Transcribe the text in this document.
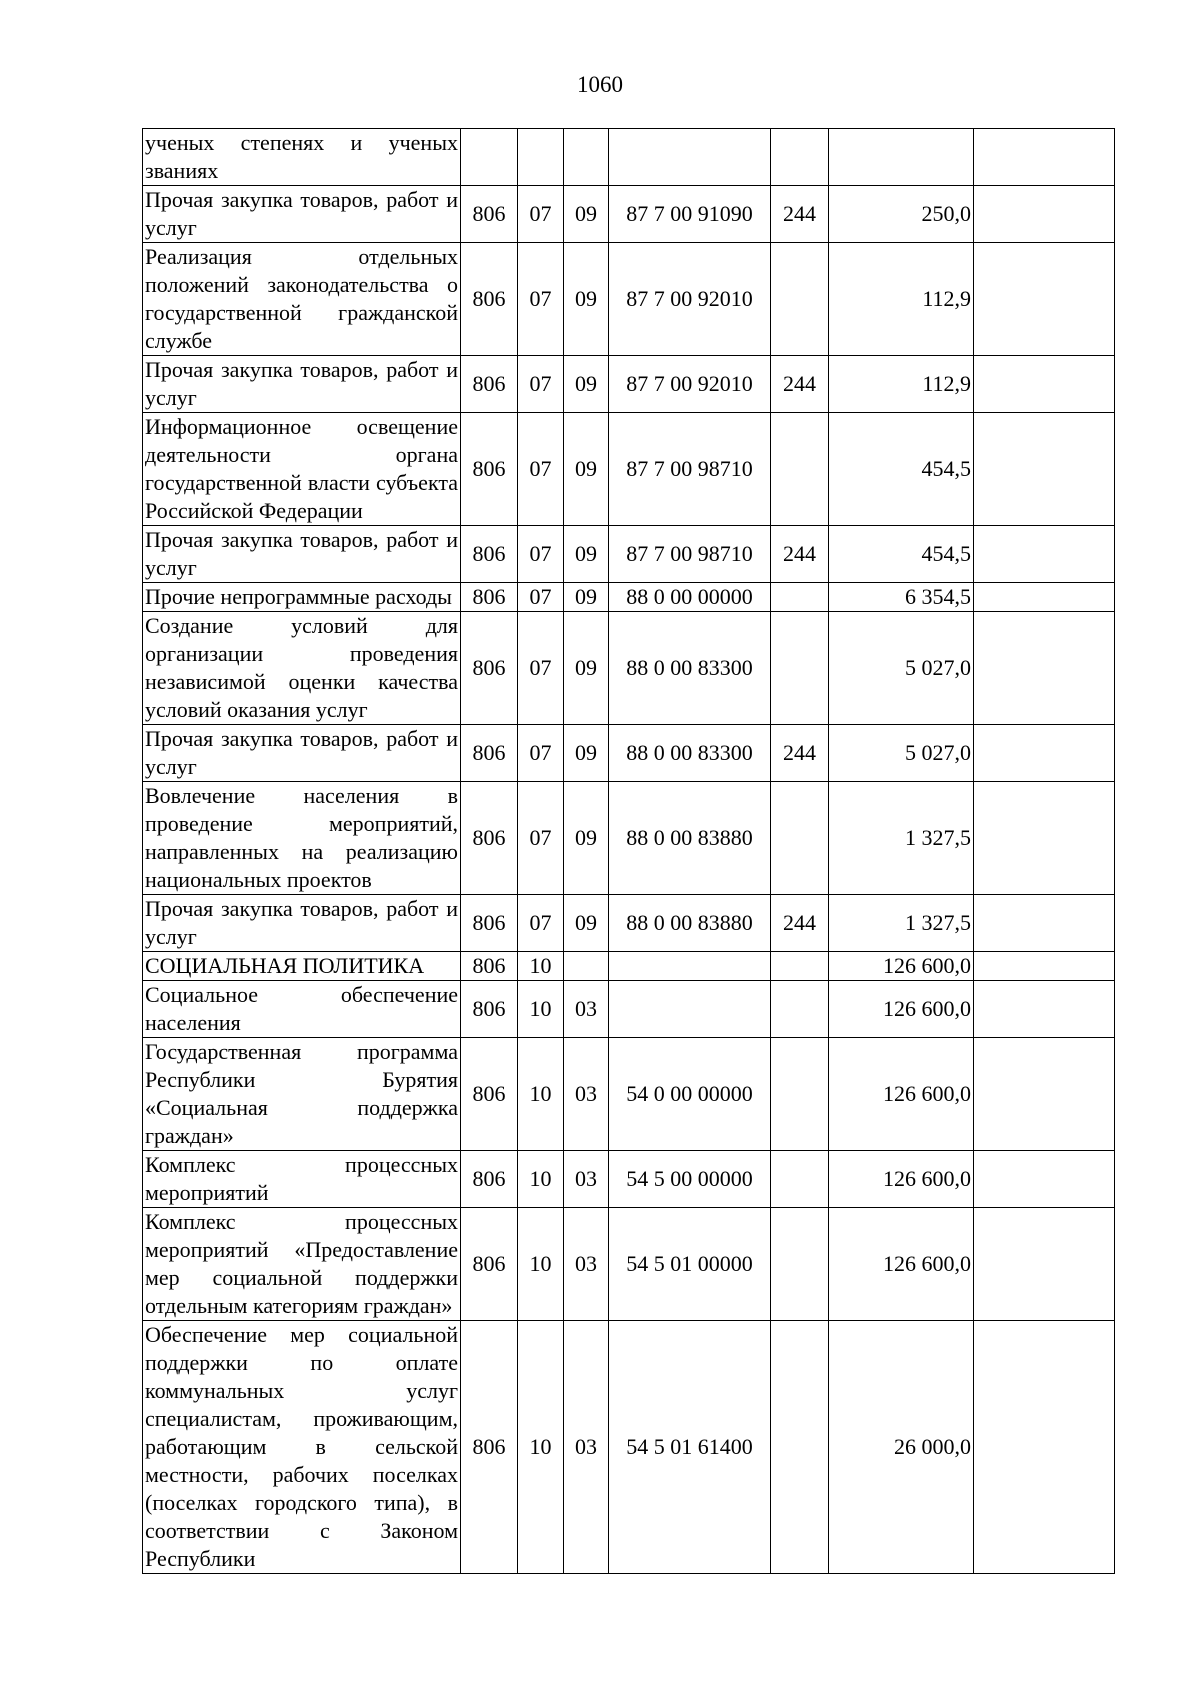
1060
ученых степенях и ученых званиях							
Прочая закупка товаров, работ и услуг	806	07	09	87 7 00 91090	244	250,0	
Реализация отдельных положений законодательства о государственной гражданской службе	806	07	09	87 7 00 92010		112,9	
Прочая закупка товаров, работ и услуг	806	07	09	87 7 00 92010	244	112,9	
Информационное освещение деятельности органа государственной власти субъекта Российской Федерации	806	07	09	87 7 00 98710		454,5	
Прочая закупка товаров, работ и услуг	806	07	09	87 7 00 98710	244	454,5	
Прочие непрограммные расходы	806	07	09	88 0 00 00000		6 354,5	
Создание условий для организации проведения независимой оценки качества условий оказания услуг	806	07	09	88 0 00 83300		5 027,0	
Прочая закупка товаров, работ и услуг	806	07	09	88 0 00 83300	244	5 027,0	
Вовлечение населения в проведение мероприятий, направленных на реализацию национальных проектов	806	07	09	88 0 00 83880		1 327,5	
Прочая закупка товаров, работ и услуг	806	07	09	88 0 00 83880	244	1 327,5	
СОЦИАЛЬНАЯ ПОЛИТИКА	806	10				126 600,0	
Социальное обеспечение населения	806	10	03			126 600,0	
Государственная программа Республики Бурятия «Социальная поддержка граждан»	806	10	03	54 0 00 00000		126 600,0	
Комплекс процессных мероприятий	806	10	03	54 5 00 00000		126 600,0	
Комплекс процессных мероприятий «Предоставление мер социальной поддержки отдельным категориям граждан»	806	10	03	54 5 01 00000		126 600,0	
Обеспечение мер социальной поддержки по оплате коммунальных услуг специалистам, проживающим, работающим в сельской местности, рабочих поселках (поселках городского типа), в соответствии с Законом Республики	806	10	03	54 5 01 61400		26 000,0	
